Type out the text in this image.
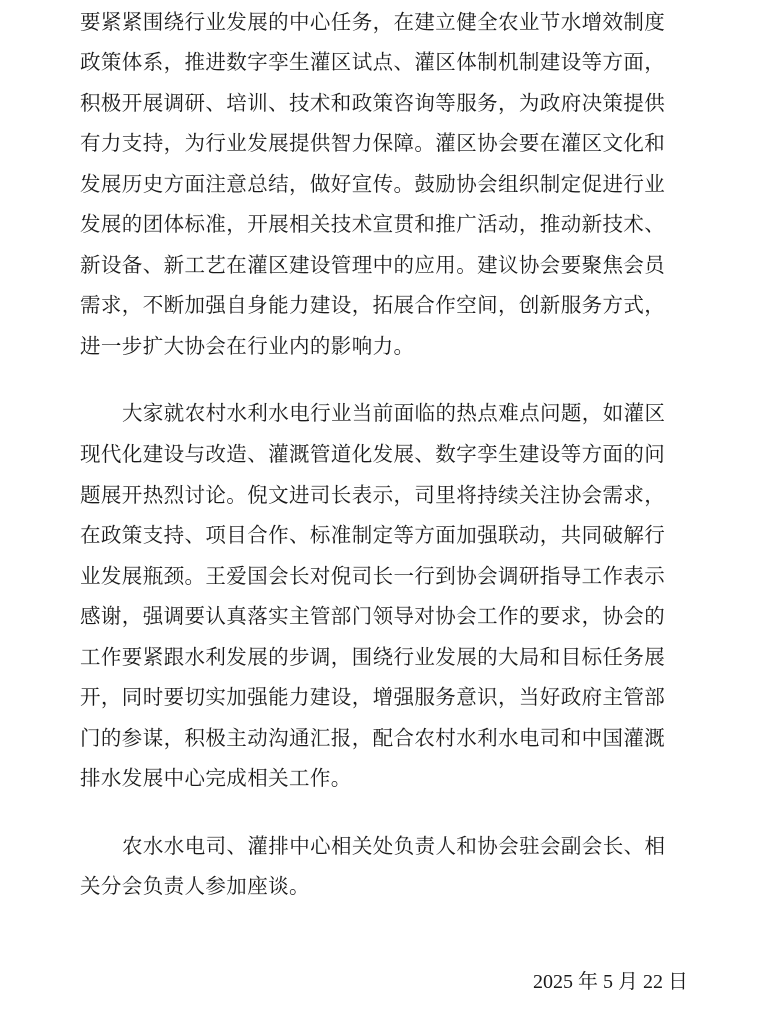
要紧紧围绕行业发展的中心任务，在建立健全农业节水增效制度
政策体系，推进数字孪生灌区试点、灌区体制机制建设等方面，
积极开展调研、培训、技术和政策咨询等服务，为政府决策提供
有力支持，为行业发展提供智力保障。灌区协会要在灌区文化和
发展历史方面注意总结，做好宣传。鼓励协会组织制定促进行业
发展的团体标准，开展相关技术宣贯和推广活动，推动新技术、
新设备、新工艺在灌区建设管理中的应用。建议协会要聚焦会员
需求，不断加强自身能力建设，拓展合作空间，创新服务方式，
进一步扩大协会在行业内的影响力。
大家就农村水利水电行业当前面临的热点难点问题，如灌区
现代化建设与改造、灌溉管道化发展、数字孪生建设等方面的问
题展开热烈讨论。倪文进司长表示，司里将持续关注协会需求，
在政策支持、项目合作、标准制定等方面加强联动，共同破解行
业发展瓶颈。王爱国会长对倪司长一行到协会调研指导工作表示
感谢，强调要认真落实主管部门领导对协会工作的要求，协会的
工作要紧跟水利发展的步调，围绕行业发展的大局和目标任务展
开，同时要切实加强能力建设，增强服务意识，当好政府主管部
门的参谋，积极主动沟通汇报，配合农村水利水电司和中国灌溉
排水发展中心完成相关工作。
农水水电司、灌排中心相关处负责人和协会驻会副会长、相
关分会负责人参加座谈。
2025 年 5 月 22 日
